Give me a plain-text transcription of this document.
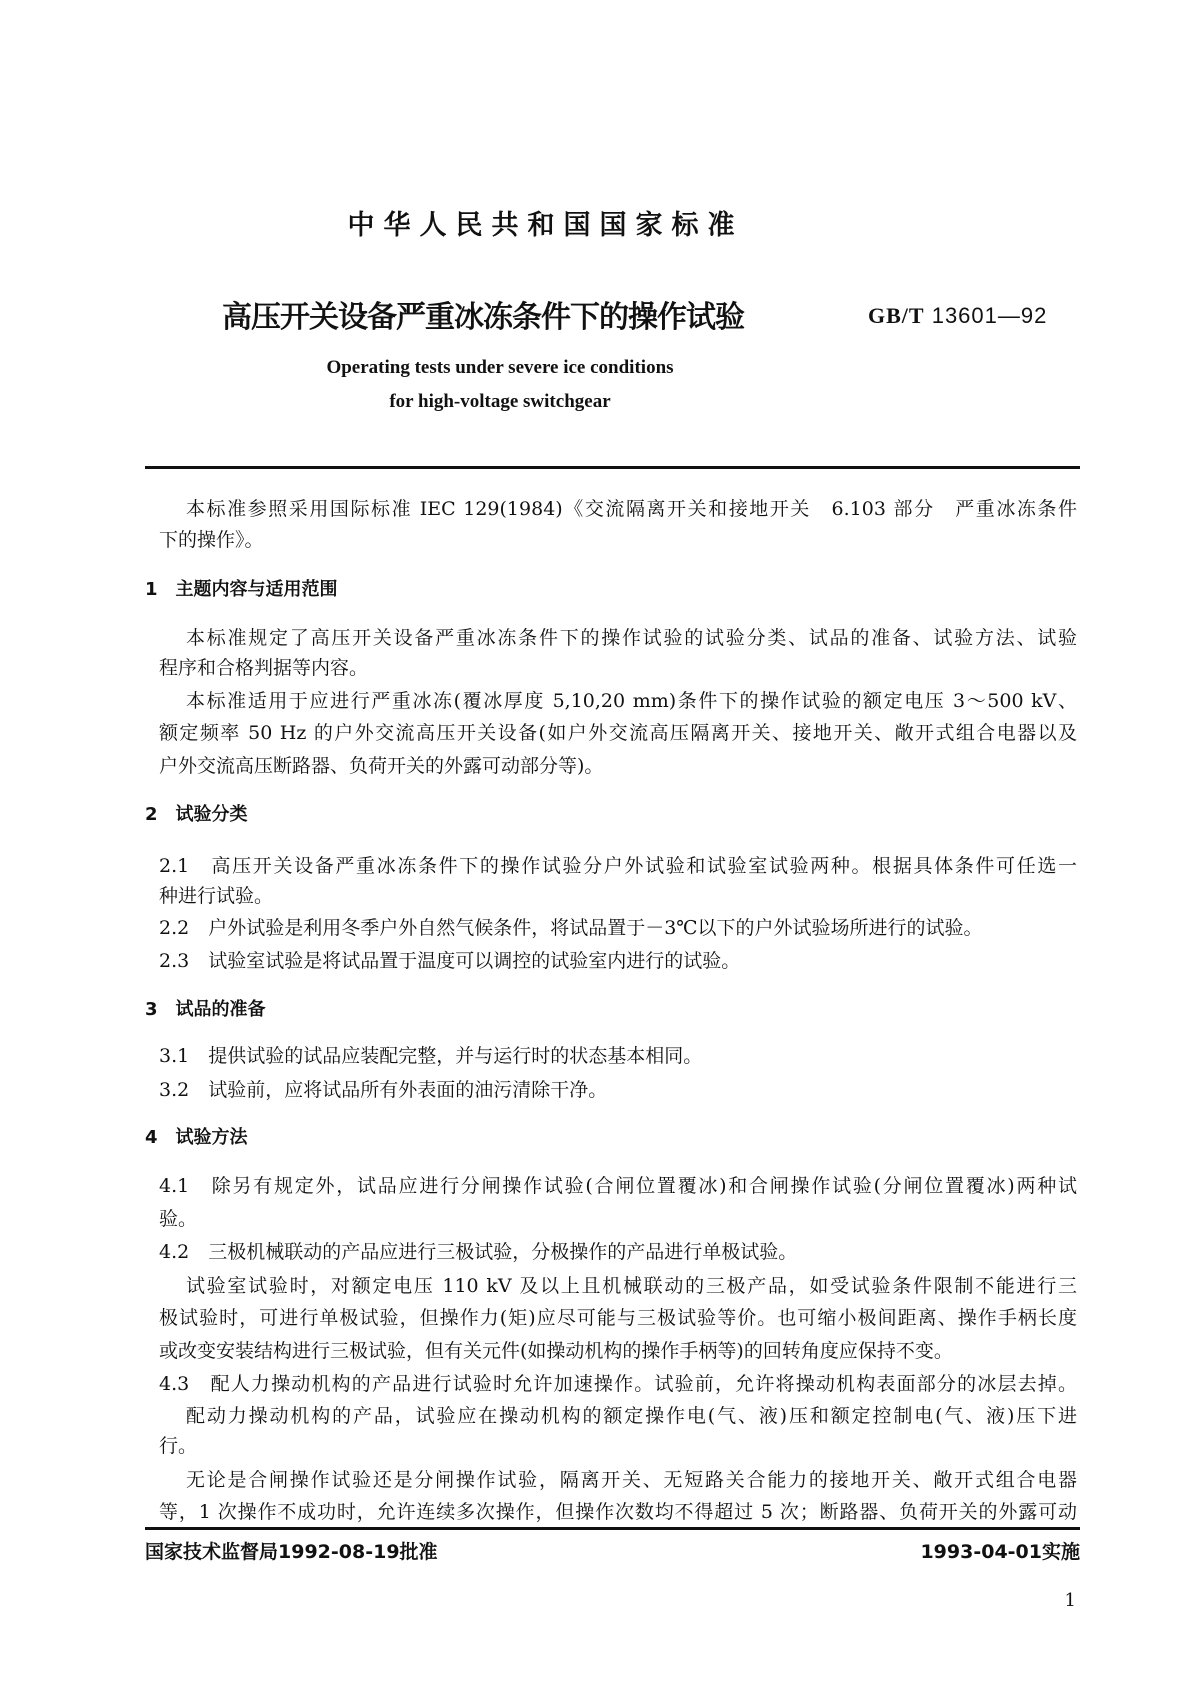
中华人民共和国国家标准
高压开关设备严重冰冻条件下的操作试验	GB/T 13601—92
Operating tests under severe ice conditions
for high-voltage switchgear
本标准参照采用国际标准 IEC 129(1984)《交流隔离开关和接地开关　6.103 部分　严重冰冻条件
下的操作》。
1　主题内容与适用范围
本标准规定了高压开关设备严重冰冻条件下的操作试验的试验分类、试品的准备、试验方法、试验
程序和合格判据等内容。
本标准适用于应进行严重冰冻(覆冰厚度 5,10,20 mm)条件下的操作试验的额定电压 3～500 kV、
额定频率 50 Hz 的户外交流高压开关设备(如户外交流高压隔离开关、接地开关、敞开式组合电器以及
户外交流高压断路器、负荷开关的外露可动部分等)。
2　试验分类
2.1　高压开关设备严重冰冻条件下的操作试验分户外试验和试验室试验两种。根据具体条件可任选一
种进行试验。
2.2　户外试验是利用冬季户外自然气候条件，将试品置于－3℃以下的户外试验场所进行的试验。
2.3　试验室试验是将试品置于温度可以调控的试验室内进行的试验。
3　试品的准备
3.1　提供试验的试品应装配完整，并与运行时的状态基本相同。
3.2　试验前，应将试品所有外表面的油污清除干净。
4　试验方法
4.1　除另有规定外，试品应进行分闸操作试验(合闸位置覆冰)和合闸操作试验(分闸位置覆冰)两种试
验。
4.2　三极机械联动的产品应进行三极试验，分极操作的产品进行单极试验。
试验室试验时，对额定电压 110 kV 及以上且机械联动的三极产品，如受试验条件限制不能进行三
极试验时，可进行单极试验，但操作力(矩)应尽可能与三极试验等价。也可缩小极间距离、操作手柄长度
或改变安装结构进行三极试验，但有关元件(如操动机构的操作手柄等)的回转角度应保持不变。
4.3　配人力操动机构的产品进行试验时允许加速操作。试验前，允许将操动机构表面部分的冰层去掉。
配动力操动机构的产品，试验应在操动机构的额定操作电(气、液)压和额定控制电(气、液)压下进
行。
无论是合闸操作试验还是分闸操作试验，隔离开关、无短路关合能力的接地开关、敞开式组合电器
等，1 次操作不成功时，允许连续多次操作，但操作次数均不得超过 5 次；断路器、负荷开关的外露可动
国家技术监督局1992-08-19批准	1993-04-01实施
1
